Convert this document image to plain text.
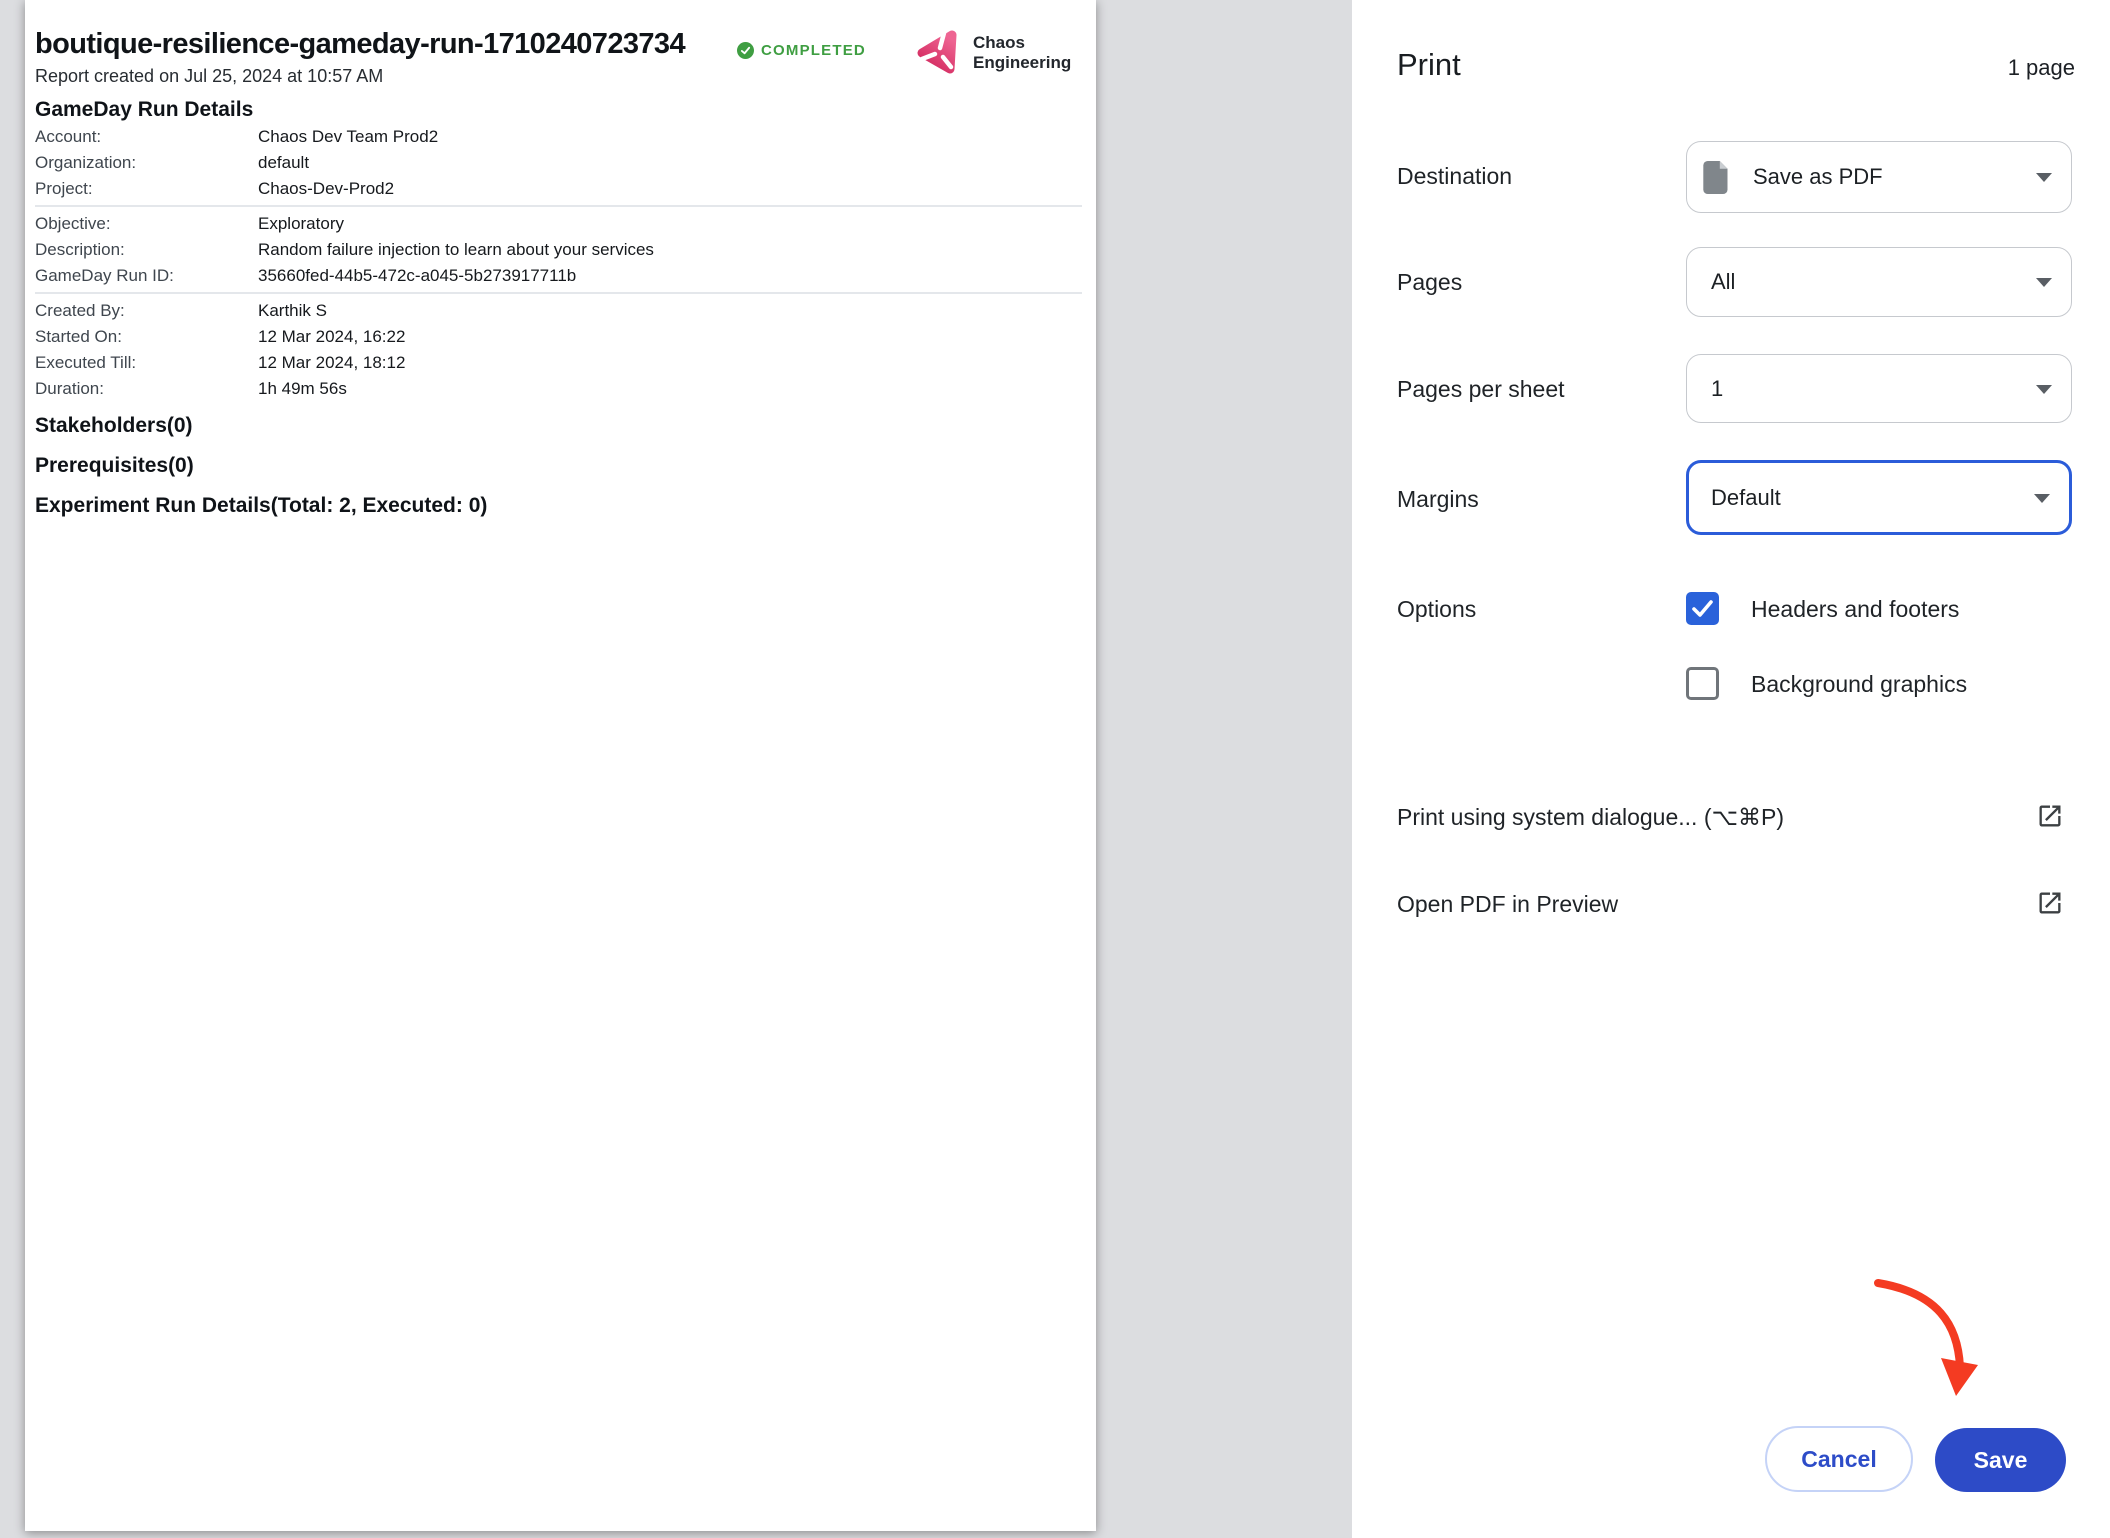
boutique-resilience-gameday-run-1710240723734	COMPLETED	Chaos
Engineering
Report created on Jul 25, 2024 at 10:57 AM
GameDay Run Details
Account:	Chaos Dev Team Prod2
Organization:	default
Project:	Chaos-Dev-Prod2
Objective:	Exploratory
Description:	Random failure injection to learn about your services
GameDay Run ID:	35660fed-44b5-472c-a045-5b273917711b
Created By:	Karthik S
Started On:	12 Mar 2024, 16:22
Executed Till:	12 Mar 2024, 18:12
Duration:	1h 49m 56s
Stakeholders(0)
Prerequisites(0)
Experiment Run Details(Total: 2, Executed: 0)
Print	1 page
Destination	Save as PDF
Pages	All
Pages per sheet	1
Margins	Default
Options	Headers and footers
Background graphics
Print using system dialogue... (⌥⌘P)
Open PDF in Preview
Cancel	Save
